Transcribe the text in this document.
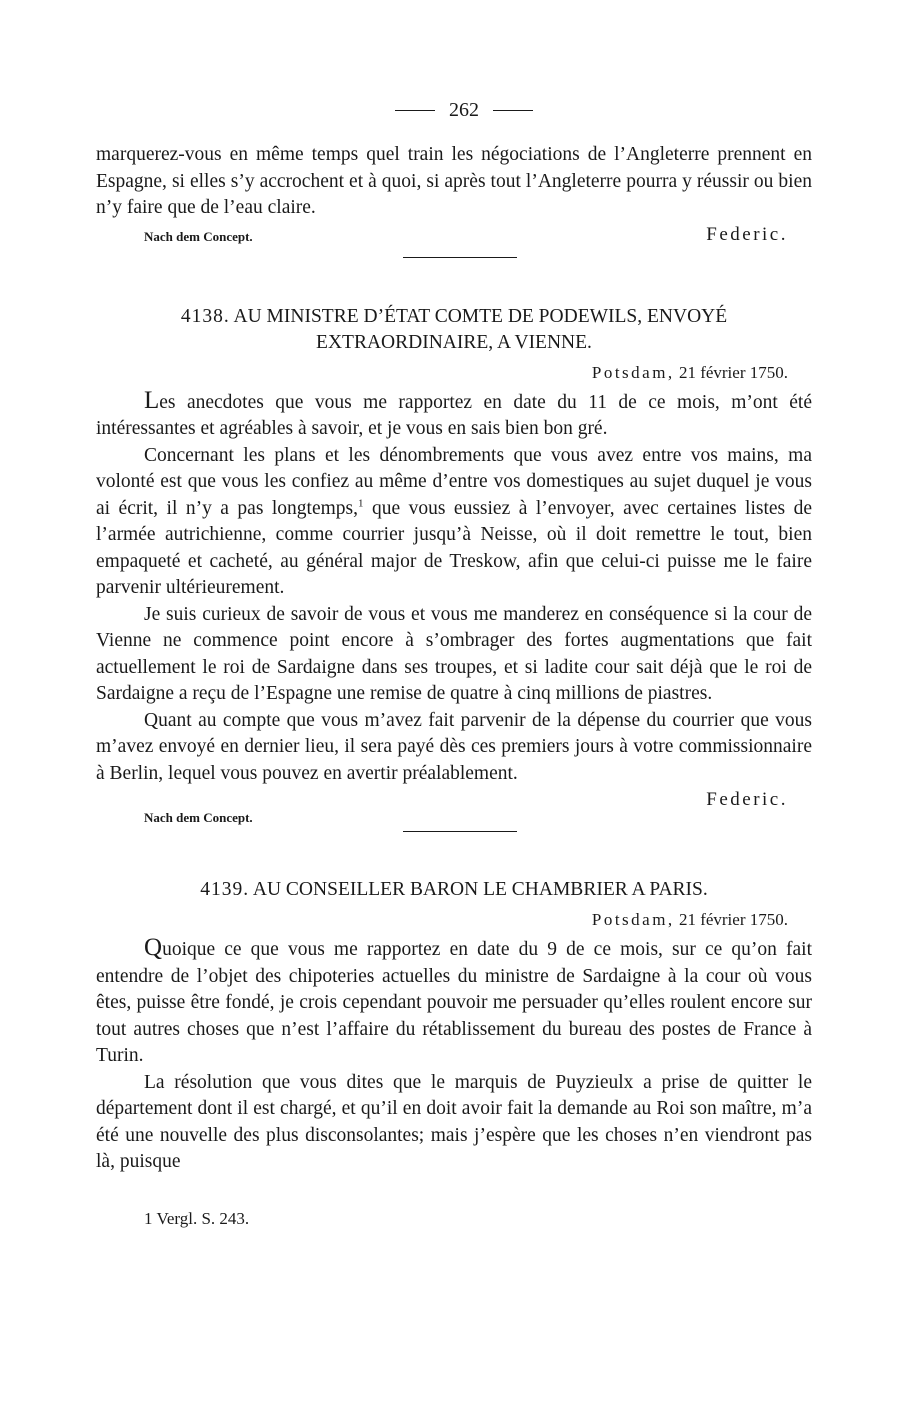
262

marquerez-vous en même temps quel train les négociations de l’Angleterre prennent en Espagne, si elles s’y accrochent et à quoi, si après tout l’Angleterre pourra y réussir ou bien n’y faire que de l’eau claire.

Nach dem Concept.	Federic.
4138. AU MINISTRE D’ÉTAT COMTE DE PODEWILS, ENVOYÉ EXTRAORDINAIRE, A VIENNE.
Potsdam, 21 février 1750.

Les anecdotes que vous me rapportez en date du 11 de ce mois, m’ont été intéressantes et agréables à savoir, et je vous en sais bien bon gré.

Concernant les plans et les dénombrements que vous avez entre vos mains, ma volonté est que vous les confiez au même d’entre vos domestiques au sujet duquel je vous ai écrit, il n’y a pas longtemps,$^1$ que vous eussiez à l’envoyer, avec certaines listes de l’armée autrichienne, comme courrier jusqu’à Neisse, où il doit remettre le tout, bien empaqueté et cacheté, au général major de Treskow, afin que celui-ci puisse me le faire parvenir ultérieurement.

Je suis curieux de savoir de vous et vous me manderez en conséquence si la cour de Vienne ne commence point encore à s’ombrager des fortes augmentations que fait actuellement le roi de Sardaigne dans ses troupes, et si ladite cour sait déjà que le roi de Sardaigne a reçu de l’Espagne une remise de quatre à cinq millions de piastres.

Quant au compte que vous m’avez fait parvenir de la dépense du courrier que vous m’avez envoyé en dernier lieu, il sera payé dès ces premiers jours à votre commissionnaire à Berlin, lequel vous pouvez en avertir préalablement.

Nach dem Concept.
Federic.
4139. AU CONSEILLER BARON LE CHAMBRIER A PARIS.
Potsdam, 21 février 1750.

Quoique ce que vous me rapportez en date du 9 de ce mois, sur ce qu’on fait entendre de l’objet des chipoteries actuelles du ministre de Sardaigne à la cour où vous êtes, puisse être fondé, je crois cependant pouvoir me persuader qu’elles roulent encore sur tout autres choses que n’est l’affaire du rétablissement du bureau des postes de France à Turin.

La résolution que vous dites que le marquis de Puyzieulx a prise de quitter le département dont il est chargé, et qu’il en doit avoir fait la demande au Roi son maître, m’a été une nouvelle des plus disconsolantes; mais j’espère que les choses n’en viendront pas là, puisque

1 Vergl. S. 243.
